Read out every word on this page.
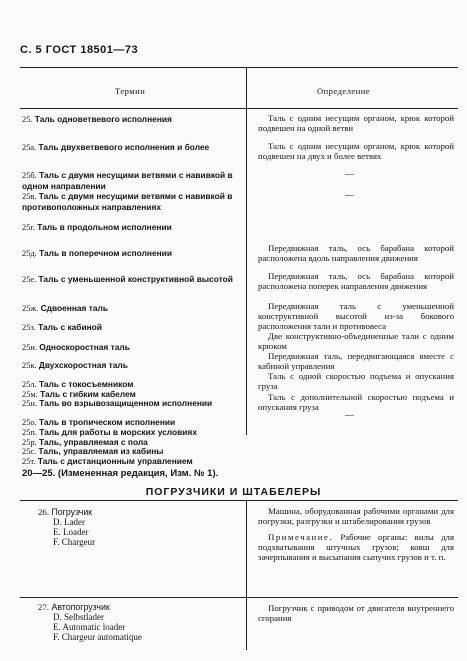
С. 5 ГОСТ 18501—73
Термин	Определение
25. Таль одноветвевого исполнения
25а. Таль двухветвевого исполнения и более
25б. Таль с двумя несущими ветвями с навивкой в одном направлении
25в. Таль с двумя несущими ветвями с навивкой в противоположных направлениях
25г. Таль в продольном исполнении
25д. Таль в поперечном исполнении
25е. Таль с уменьшенной конструктивной высотой
25ж. Сдвоенная таль
25з. Таль с кабиной
25и. Односкоростная таль
25к. Двухскоростная таль
25л. Таль с токосъемником
25м. Таль с гибким кабелем
25н. Таль во взрывозащищенном исполнении
25о. Таль в тропическом исполнении
25п. Таль для работы в морских условиях
25р. Таль, управляемая с пола
25с. Таль, управляемая из кабины
25т. Таль с дистанционным управлением

Таль с одним несущим органом, крюк которой подвешен на одной ветви

Таль с одним несущим органом, крюк которой подвешен на двух и более ветвях

—
—

Передвижная таль, ось барабана которой расположена вдоль направления движения

Передвижная таль, ось барабана которой расположена поперек направления движения

Передвижная таль с уменьшенной конструктивной высотой из-за бокового расположения тали и противовеса

Две конструктивно-объединенные тали с одним крюком

Передвижная таль, передвигающаяся вместе с кабиной управления

Таль с одной скоростью подъема и опускания груза

Таль с дополнительной скоростью подъема и опускания груза

—
20—25. (Измененная редакция, Изм. № 1).
ПОГРУЗЧИКИ И ШТАБЕЛЕРЫ
26. Погрузчик
D. Lader
E. Loader
F. Chargeur

Машина, оборудованная рабочими органами для погрузки, разгрузки и штабелирования грузов

Примечание. Рабочие органы: вилы для подхватывания штучных грузов; ковш для зачерпывания и высыпания сыпучих грузов и т. п.

27. Автопогрузчик
D. Selbstlader
E. Automatic loader
F. Chargeur automatique

Погрузчик с приводом от двигателя внутреннего сгорания
